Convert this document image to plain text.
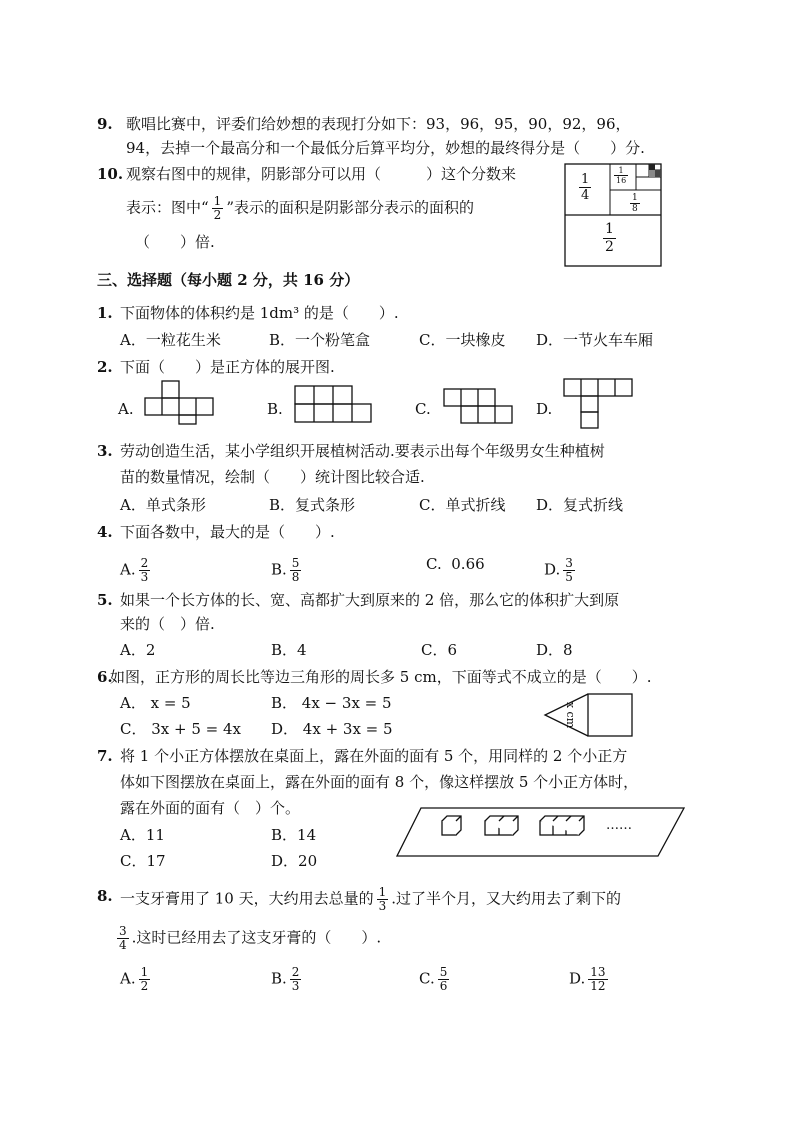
9. 歌唱比赛中，评委们给妙想的表现打分如下：93，96，95，90，92，96，
94，去掉一个最高分和一个最低分后算平均分，妙想的最终得分是（　　）分.
10. 观察右图中的规律，阴影部分可以用（　　　）这个分数来
表示：图中“ $\frac{1}{2}$ ”表示的面积是阴影部分表示的面积的
（　　）倍.
$\frac{1}{4}$	$\frac{1}{16}$
$\frac{1}{8}$
$\frac{1}{2}$
三、选择题（每小题 2 分，共 16 分）
1. 下面物体的体积约是 1dm³ 的是（　　）.
A．一粒花生米	B．一个粉笔盒	C．一块橡皮 D．一节火车车厢
2. 下面（　　）是正方体的展开图.
A.	B.	C.	D.
3. 劳动创造生活，某小学组织开展植树活动.要表示出每个年级男女生种植树
苗的数量情况，绘制（　　）统计图比较合适.
A．单式条形	B．复式条形	C．单式折线 D．复式折线
4. 下面各数中，最大的是（　　）.
A. $\frac{2}{3}$	B. $\frac{5}{8}$	C. 0.66	D. $\frac{3}{5}$
5. 如果一个长方体的长、宽、高都扩大到原来的 2 倍，那么它的体积扩大到原
来的（　）倍.
A．2	B．4	C．6	D．8
6.
如图，正方形的周长比等边三角形的周长多 5 cm，下面等式不成立的是（　　）.
A． x = 5	B． 4x − 3x = 5
C． 3x + 5 = 4x D． 4x + 3x = 5
x cm
7. 将 1 个小正方体摆放在桌面上，露在外面的面有 5 个，用同样的 2 个小正方
体如下图摆放在桌面上，露在外面的面有 8 个，像这样摆放 5 个小正方体时，
露在外面的面有（　）个。
A．11	B．14
C．17	D．20
……
8. 一支牙膏用了 10 天，大约用去总量的 $\frac{1}{3}$ .过了半个月，又大约用去了剩下的
$\frac{3}{4}$ .这时已经用去了这支牙膏的（　　）.
A. $\frac{1}{2}$	B. $\frac{2}{3}$	C. $\frac{5}{6}$	D. $\frac{13}{12}$
